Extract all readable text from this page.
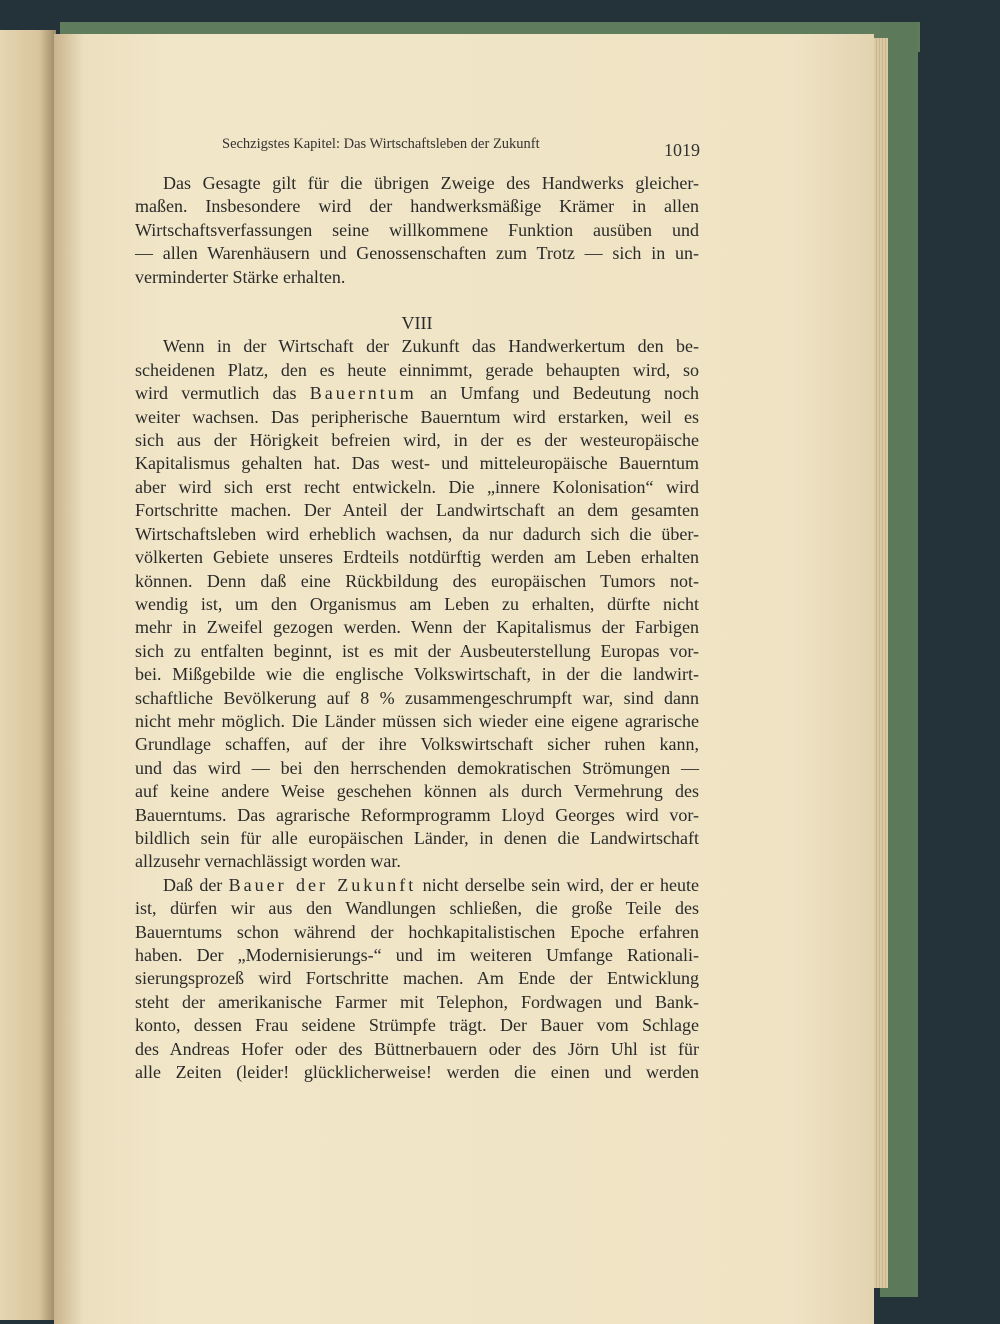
Sechzigstes Kapitel: Das Wirtschaftsleben der Zukunft	1019
Das Gesagte gilt für die übrigen Zweige des Handwerks gleicher-
maßen. Insbesondere wird der handwerksmäßige Krämer in allen
Wirtschaftsverfassungen seine willkommene Funktion ausüben und
— allen Warenhäusern und Genossenschaften zum Trotz — sich in un-
verminderter Stärke erhalten.
VIII
Wenn in der Wirtschaft der Zukunft das Handwerkertum den be-
scheidenen Platz, den es heute einnimmt, gerade behaupten wird, so
wird vermutlich das Bauerntum an Umfang und Bedeutung noch
weiter wachsen. Das peripherische Bauerntum wird erstarken, weil es
sich aus der Hörigkeit befreien wird, in der es der westeuropäische
Kapitalismus gehalten hat. Das west- und mitteleuropäische Bauerntum
aber wird sich erst recht entwickeln. Die „innere Kolonisation“ wird
Fortschritte machen. Der Anteil der Landwirtschaft an dem gesamten
Wirtschaftsleben wird erheblich wachsen, da nur dadurch sich die über-
völkerten Gebiete unseres Erdteils notdürftig werden am Leben erhalten
können. Denn daß eine Rückbildung des europäischen Tumors not-
wendig ist, um den Organismus am Leben zu erhalten, dürfte nicht
mehr in Zweifel gezogen werden. Wenn der Kapitalismus der Farbigen
sich zu entfalten beginnt, ist es mit der Ausbeuterstellung Europas vor-
bei. Mißgebilde wie die englische Volkswirtschaft, in der die landwirt-
schaftliche Bevölkerung auf 8 % zusammengeschrumpft war, sind dann
nicht mehr möglich. Die Länder müssen sich wieder eine eigene agrarische
Grundlage schaffen, auf der ihre Volkswirtschaft sicher ruhen kann,
und das wird — bei den herrschenden demokratischen Strömungen —
auf keine andere Weise geschehen können als durch Vermehrung des
Bauerntums. Das agrarische Reformprogramm Lloyd Georges wird vor-
bildlich sein für alle europäischen Länder, in denen die Landwirtschaft
allzusehr vernachlässigt worden war.
Daß der Bauer der Zukunft nicht derselbe sein wird, der er heute
ist, dürfen wir aus den Wandlungen schließen, die große Teile des
Bauerntums schon während der hochkapitalistischen Epoche erfahren
haben. Der „Modernisierungs-“ und im weiteren Umfange Rationali-
sierungsprozeß wird Fortschritte machen. Am Ende der Entwicklung
steht der amerikanische Farmer mit Telephon, Fordwagen und Bank-
konto, dessen Frau seidene Strümpfe trägt. Der Bauer vom Schlage
des Andreas Hofer oder des Büttnerbauern oder des Jörn Uhl ist für
alle Zeiten (leider! glücklicherweise! werden die einen und werden
